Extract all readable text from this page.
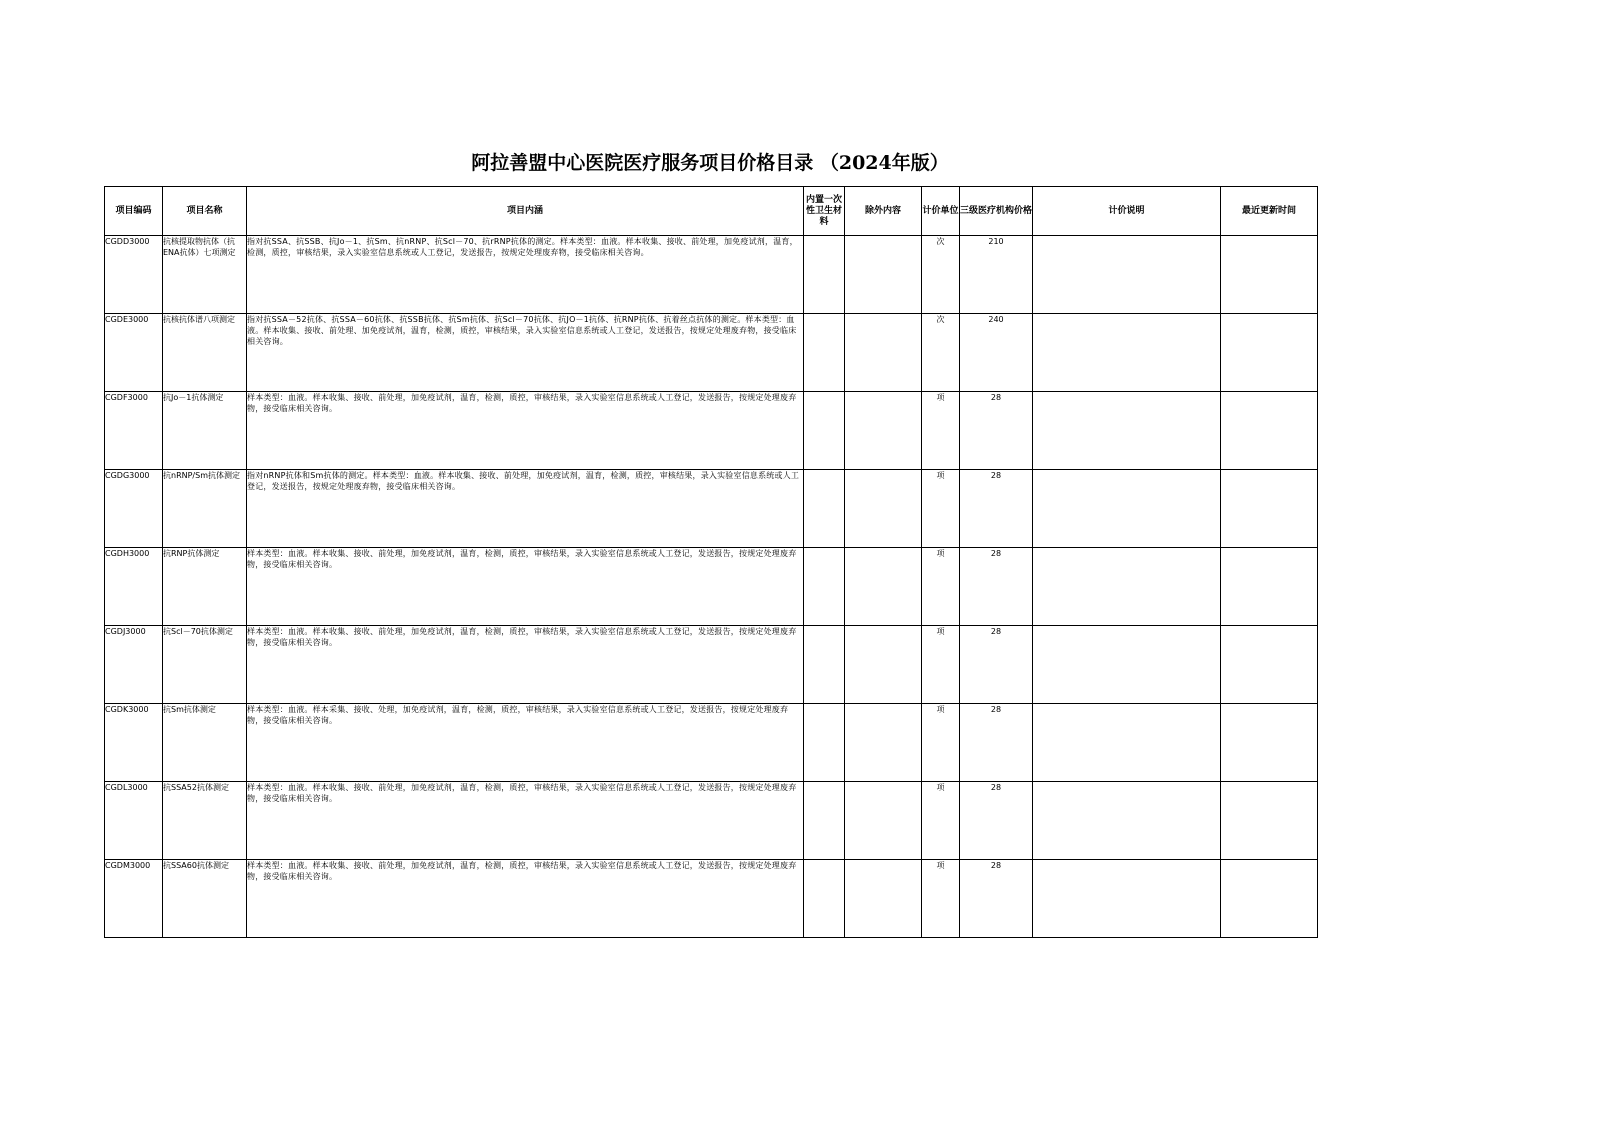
阿拉善盟中心医院医疗服务项目价格目录 （2024年版）
项目编码	项目名称	项目内涵	内置一次性卫生材料	除外内容	计价单位	三级医疗机构价格	计价说明	最近更新时间
CGDD3000	抗核提取物抗体（抗ENA抗体）七项测定	指对抗SSA、抗SSB、抗Jo－1、抗Sm、抗nRNP、抗Scl－70、抗rRNP抗体的测定。样本类型：血液。样本收集、接收、前处理，加免疫试剂，温育，检测，质控，审核结果，录入实验室信息系统或人工登记，发送报告，按规定处理废弃物，接受临床相关咨询。			次	210		
CGDE3000	抗核抗体谱八项测定	指对抗SSA－52抗体、抗SSA－60抗体、抗SSB抗体、抗Sm抗体、抗Scl－70抗体、抗JO－1抗体、抗RNP抗体、抗着丝点抗体的测定。样本类型：血液。样本收集、接收、前处理、加免疫试剂，温育，检测，质控，审核结果，录入实验室信息系统或人工登记，发送报告，按规定处理废弃物，接受临床相关咨询。			次	240		
CGDF3000	抗Jo－1抗体测定	样本类型：血液。样本收集、接收、前处理，加免疫试剂，温育，检测，质控，审核结果，录入实验室信息系统或人工登记，发送报告，按规定处理废弃物，接受临床相关咨询。			项	28		
CGDG3000	抗nRNP/Sm抗体测定	指对nRNP抗体和Sm抗体的测定。样本类型：血液。样本收集、接收、前处理，加免疫试剂，温育，检测，质控，审核结果，录入实验室信息系统或人工登记，发送报告，按规定处理废弃物，接受临床相关咨询。			项	28		
CGDH3000	抗RNP抗体测定	样本类型：血液。样本收集、接收、前处理，加免疫试剂，温育，检测，质控，审核结果，录入实验室信息系统或人工登记，发送报告，按规定处理废弃物，接受临床相关咨询。			项	28		
CGDJ3000	抗Scl－70抗体测定	样本类型：血液。样本收集、接收、前处理，加免疫试剂，温育，检测，质控，审核结果，录入实验室信息系统或人工登记，发送报告，按规定处理废弃物，接受临床相关咨询。			项	28		
CGDK3000	抗Sm抗体测定	样本类型：血液。样本采集、接收、处理，加免疫试剂，温育，检测，质控，审核结果，录入实验室信息系统或人工登记，发送报告，按规定处理废弃物，接受临床相关咨询。			项	28		
CGDL3000	抗SSA52抗体测定	样本类型：血液。样本收集、接收、前处理，加免疫试剂，温育，检测，质控，审核结果，录入实验室信息系统或人工登记，发送报告，按规定处理废弃物，接受临床相关咨询。			项	28		
CGDM3000	抗SSA60抗体测定	样本类型：血液。样本收集、接收、前处理，加免疫试剂，温育，检测，质控，审核结果，录入实验室信息系统或人工登记，发送报告，按规定处理废弃物，接受临床相关咨询。			项	28		
